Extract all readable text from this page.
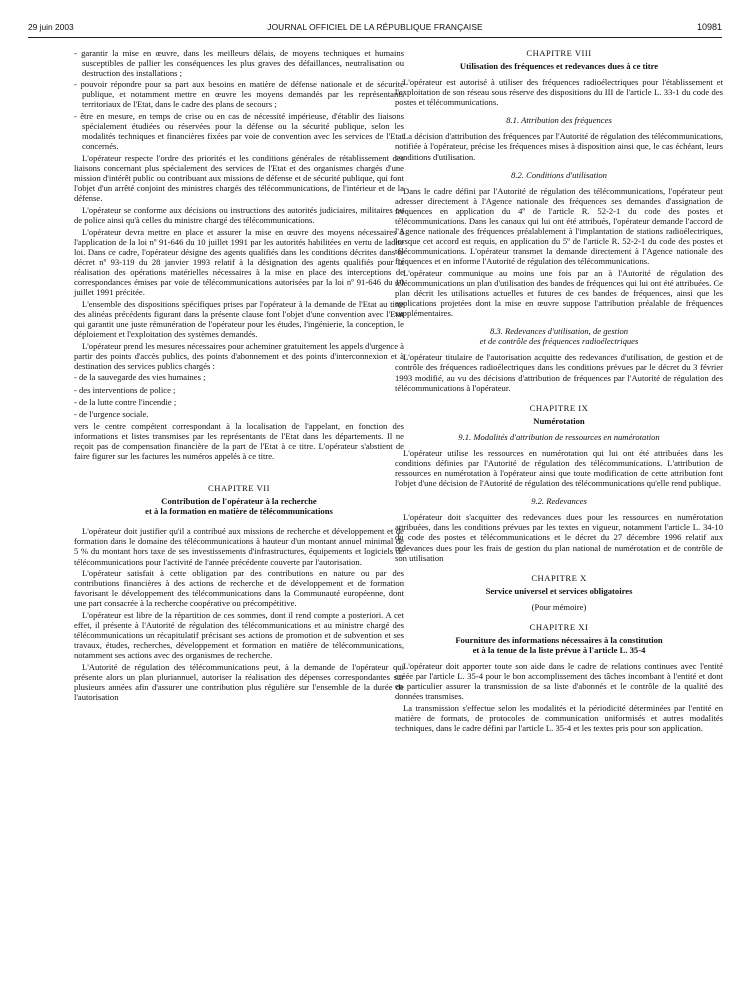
29 juin 2003	JOURNAL OFFICIEL DE LA RÉPUBLIQUE FRANÇAISE	10981
- garantir la mise en œuvre, dans les meilleurs délais, de moyens techniques et humains susceptibles de pallier les conséquences les plus graves des défaillances, neutralisation ou destruction des installations ;
- pouvoir répondre pour sa part aux besoins en matière de défense nationale et de sécurité publique, et notamment mettre en œuvre les moyens demandés par les représentants territoriaux de l'Etat, dans le cadre des plans de secours ;
- être en mesure, en temps de crise ou en cas de nécessité impérieuse, d'établir des liaisons spécialement étudiées ou réservées pour la défense ou la sécurité publique, selon les modalités techniques et financières fixées par voie de convention avec les services de l'Etat concernés.

L'opérateur respecte l'ordre des priorités et les conditions générales de rétablissement des liaisons concernant plus spécialement des services de l'Etat et des organismes chargés d'une mission d'intérêt public ou contribuant aux missions de défense et de sécurité publique, qui font l'objet d'un arrêté conjoint des ministres chargés des télécommunications, de l'intérieur et de la défense.

L'opérateur se conforme aux décisions ou instructions des autorités judiciaires, militaires ou de police ainsi qu'à celles du ministre chargé des télécommunications.

L'opérateur devra mettre en place et assurer la mise en œuvre des moyens nécessaires à l'application de la loi nº 91-646 du 10 juillet 1991 par les autorités habilitées en vertu de ladite loi. Dans ce cadre, l'opérateur désigne des agents qualifiés dans les conditions décrites dans le décret nº 93-119 du 28 janvier 1993 relatif à la désignation des agents qualifiés pour la réalisation des opérations matérielles nécessaires à la mise en place des interceptions de correspondances émises par voie de télécommunications autorisées par la loi nº 91-646 du 10 juillet 1991 précitée.

L'ensemble des dispositions spécifiques prises par l'opérateur à la demande de l'Etat au titre des alinéas précédents figurant dans la présente clause font l'objet d'une convention avec l'Etat qui garantit une juste rémunération de l'opérateur pour les études, l'ingénierie, la conception, le déploiement et l'exploitation des systèmes demandés.

L'opérateur prend les mesures nécessaires pour acheminer gratuitement les appels d'urgence à partir des points d'accès publics, des points d'abonnement et des points d'interconnexion et à destination des services publics chargés :

- de la sauvegarde des vies humaines ;
- des interventions de police ;
- de la lutte contre l'incendie ;
- de l'urgence sociale.

vers le centre compétent correspondant à la localisation de l'appelant, en fonction des informations et listes transmises par les représentants de l'Etat dans les départements. Il ne reçoit pas de compensation financière de la part de l'Etat à ce titre. L'opérateur s'abstient de faire figurer sur les factures les numéros appelés à ce titre.

CHAPITRE VII
Contribution de l'opérateur à la recherche
et à la formation en matière de télécommunications

L'opérateur doit justifier qu'il a contribué aux missions de recherche et développement et de formation dans le domaine des télécommunications à hauteur d'un montant annuel minimal de 5 % du montant hors taxe de ses investissements d'infrastructures, équipements et logiciels de télécommunications pour l'activité de l'année précédente couverte par l'autorisation.

L'opérateur satisfait à cette obligation par des contributions en nature ou par des contributions financières à des actions de recherche et de développement et de formation favorisant le développement des télécommunications dans la Communauté européenne, dont une part consacrée à la recherche coopérative ou précompétitive.

L'opérateur est libre de la répartition de ces sommes, dont il rend compte a posteriori. A cet effet, il présente à l'Autorité de régulation des télécommunications et au ministre chargé des télécommunications un récapitulatif précisant ses actions de promotion et de subvention et ses travaux, études, recherches, développement et formation en matière de télécommunications, notamment ses actions avec des organismes de recherche.

L'Autorité de régulation des télécommunications peut, à la demande de l'opérateur qui présente alors un plan pluriannuel, autoriser la réalisation des dépenses correspondantes sur plusieurs années afin d'assurer une contribution plus régulière sur l'ensemble de la durée de l'autorisation

CHAPITRE VIII
Utilisation des fréquences et redevances dues à ce titre

L'opérateur est autorisé à utiliser des fréquences radioélectriques pour l'établissement et l'exploitation de son réseau sous réserve des dispositions du III de l'article L. 33-1 du code des postes et télécommunications.

8.1. Attribution des fréquences

La décision d'attribution des fréquences par l'Autorité de régulation des télécommunications, notifiée à l'opérateur, précise les fréquences mises à disposition ainsi que, le cas échéant, leurs conditions d'utilisation.

8.2. Conditions d'utilisation

Dans le cadre défini par l'Autorité de régulation des télécommunications, l'opérateur peut adresser directement à l'Agence nationale des fréquences ses demandes d'assignation de fréquences en application du 4º de l'article R. 52-2-1 du code des postes et télécommunications. Dans les canaux qui lui ont été attribués, l'opérateur demande l'accord de l'Agence nationale des fréquences préalablement à l'implantation de stations radioélectriques, lorsque cet accord est requis, en application du 5º de l'article R. 52-2-1 du code des postes et télécommunications. L'opérateur transmet la demande directement à l'Agence nationale des fréquences et en informe l'Autorité de régulation des télécommunications.

L'opérateur communique au moins une fois par an à l'Autorité de régulation des télécommunications un plan d'utilisation des bandes de fréquences qui lui ont été attribuées. Ce plan décrit les utilisations actuelles et futures de ces bandes de fréquences, ainsi que les applications projetées dont la mise en œuvre suppose l'attribution préalable de fréquences supplémentaires.

8.3. Redevances d'utilisation, de gestion
et de contrôle des fréquences radioélectriques

L'opérateur titulaire de l'autorisation acquitte des redevances d'utilisation, de gestion et de contrôle des fréquences radioélectriques dans les conditions prévues par le décret du 3 février 1993 modifié, au vu des décisions d'attribution de fréquences par l'Autorité de régulation des télécommunications à l'opérateur.

CHAPITRE IX
Numérotation
9.1. Modalités d'attribution de ressources en numérotation

L'opérateur utilise les ressources en numérotation qui lui ont été attribuées dans les conditions définies par l'Autorité de régulation des télécommunications. L'attribution de ressources en numérotation à l'opérateur ainsi que toute modification de cette attribution font l'objet d'une décision de l'Autorité de régulation des télécommunications qu'elle rend publique.

9.2. Redevances

L'opérateur doit s'acquitter des redevances dues pour les ressources en numérotation attribuées, dans les conditions prévues par les textes en vigueur, notamment l'article L. 34-10 du code des postes et télécommunications et le décret du 27 décembre 1996 relatif aux redevances dues pour les frais de gestion du plan national de numérotation et de contrôle de son utilisation

CHAPITRE X
Service universel et services obligatoires
(Pour mémoire)
CHAPITRE XI
Fourniture des informations nécessaires à la constitution
et à la tenue de la liste prévue à l'article L. 35-4

L'opérateur doit apporter toute son aide dans le cadre de relations continues avec l'entité créée par l'article L. 35-4 pour le bon accomplissement des tâches incombant à l'entité et dont en particulier assurer la transmission de sa liste d'abonnés et le contrôle de la qualité des données transmises.

La transmission s'effectue selon les modalités et la périodicité déterminées par l'entité en matière de formats, de protocoles de communication uniformisés et autres modalités techniques, dans le cadre défini par l'article L. 35-4 et les textes pris pour son application.
